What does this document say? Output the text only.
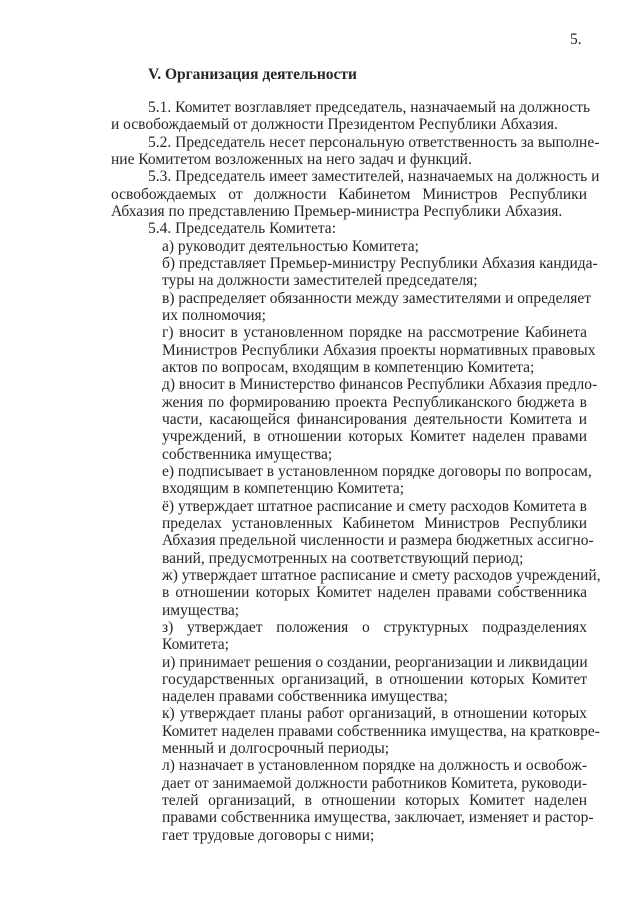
5.
V. Организация деятельности
5.1. Комитет возглавляет председатель, назначаемый на должность
и освобождаемый от должности Президентом Республики Абхазия.
5.2. Председатель несет персональную ответственность за выполне-
ние Комитетом возложенных на него задач и функций.
5.3. Председатель имеет заместителей, назначаемых на должность и
освобождаемых от должности Кабинетом Министров Республики
Абхазия по представлению Премьер-министра Республики Абхазия.
5.4. Председатель Комитета:
а) руководит деятельностью Комитета;
б) представляет Премьер-министру Республики Абхазия кандида-
туры на должности заместителей председателя;
в) распределяет обязанности между заместителями и определяет
их полномочия;
г) вносит в установленном порядке на рассмотрение Кабинета
Министров Республики Абхазия проекты нормативных правовых
актов по вопросам, входящим в компетенцию Комитета;
д) вносит в Министерство финансов Республики Абхазия предло-
жения по формированию проекта Республиканского бюджета в
части, касающейся финансирования деятельности Комитета и
учреждений, в отношении которых Комитет наделен правами
собственника имущества;
е) подписывает в установленном порядке договоры по вопросам,
входящим в компетенцию Комитета;
ё) утверждает штатное расписание и смету расходов Комитета в
пределах установленных Кабинетом Министров Республики
Абхазия предельной численности и размера бюджетных ассигно-
ваний, предусмотренных на соответствующий период;
ж) утверждает штатное расписание и смету расходов учреждений,
в отношении которых Комитет наделен правами собственника
имущества;
з) утверждает положения о структурных подразделениях
Комитета;
и) принимает решения о создании, реорганизации и ликвидации
государственных организаций, в отношении которых Комитет
наделен правами собственника имущества;
к) утверждает планы работ организаций, в отношении которых
Комитет наделен правами собственника имущества, на кратковре-
менный и долгосрочный периоды;
л) назначает в установленном порядке на должность и освобож-
дает от занимаемой должности работников Комитета, руководи-
телей организаций, в отношении которых Комитет наделен
правами собственника имущества, заключает, изменяет и растор-
гает трудовые договоры с ними;
